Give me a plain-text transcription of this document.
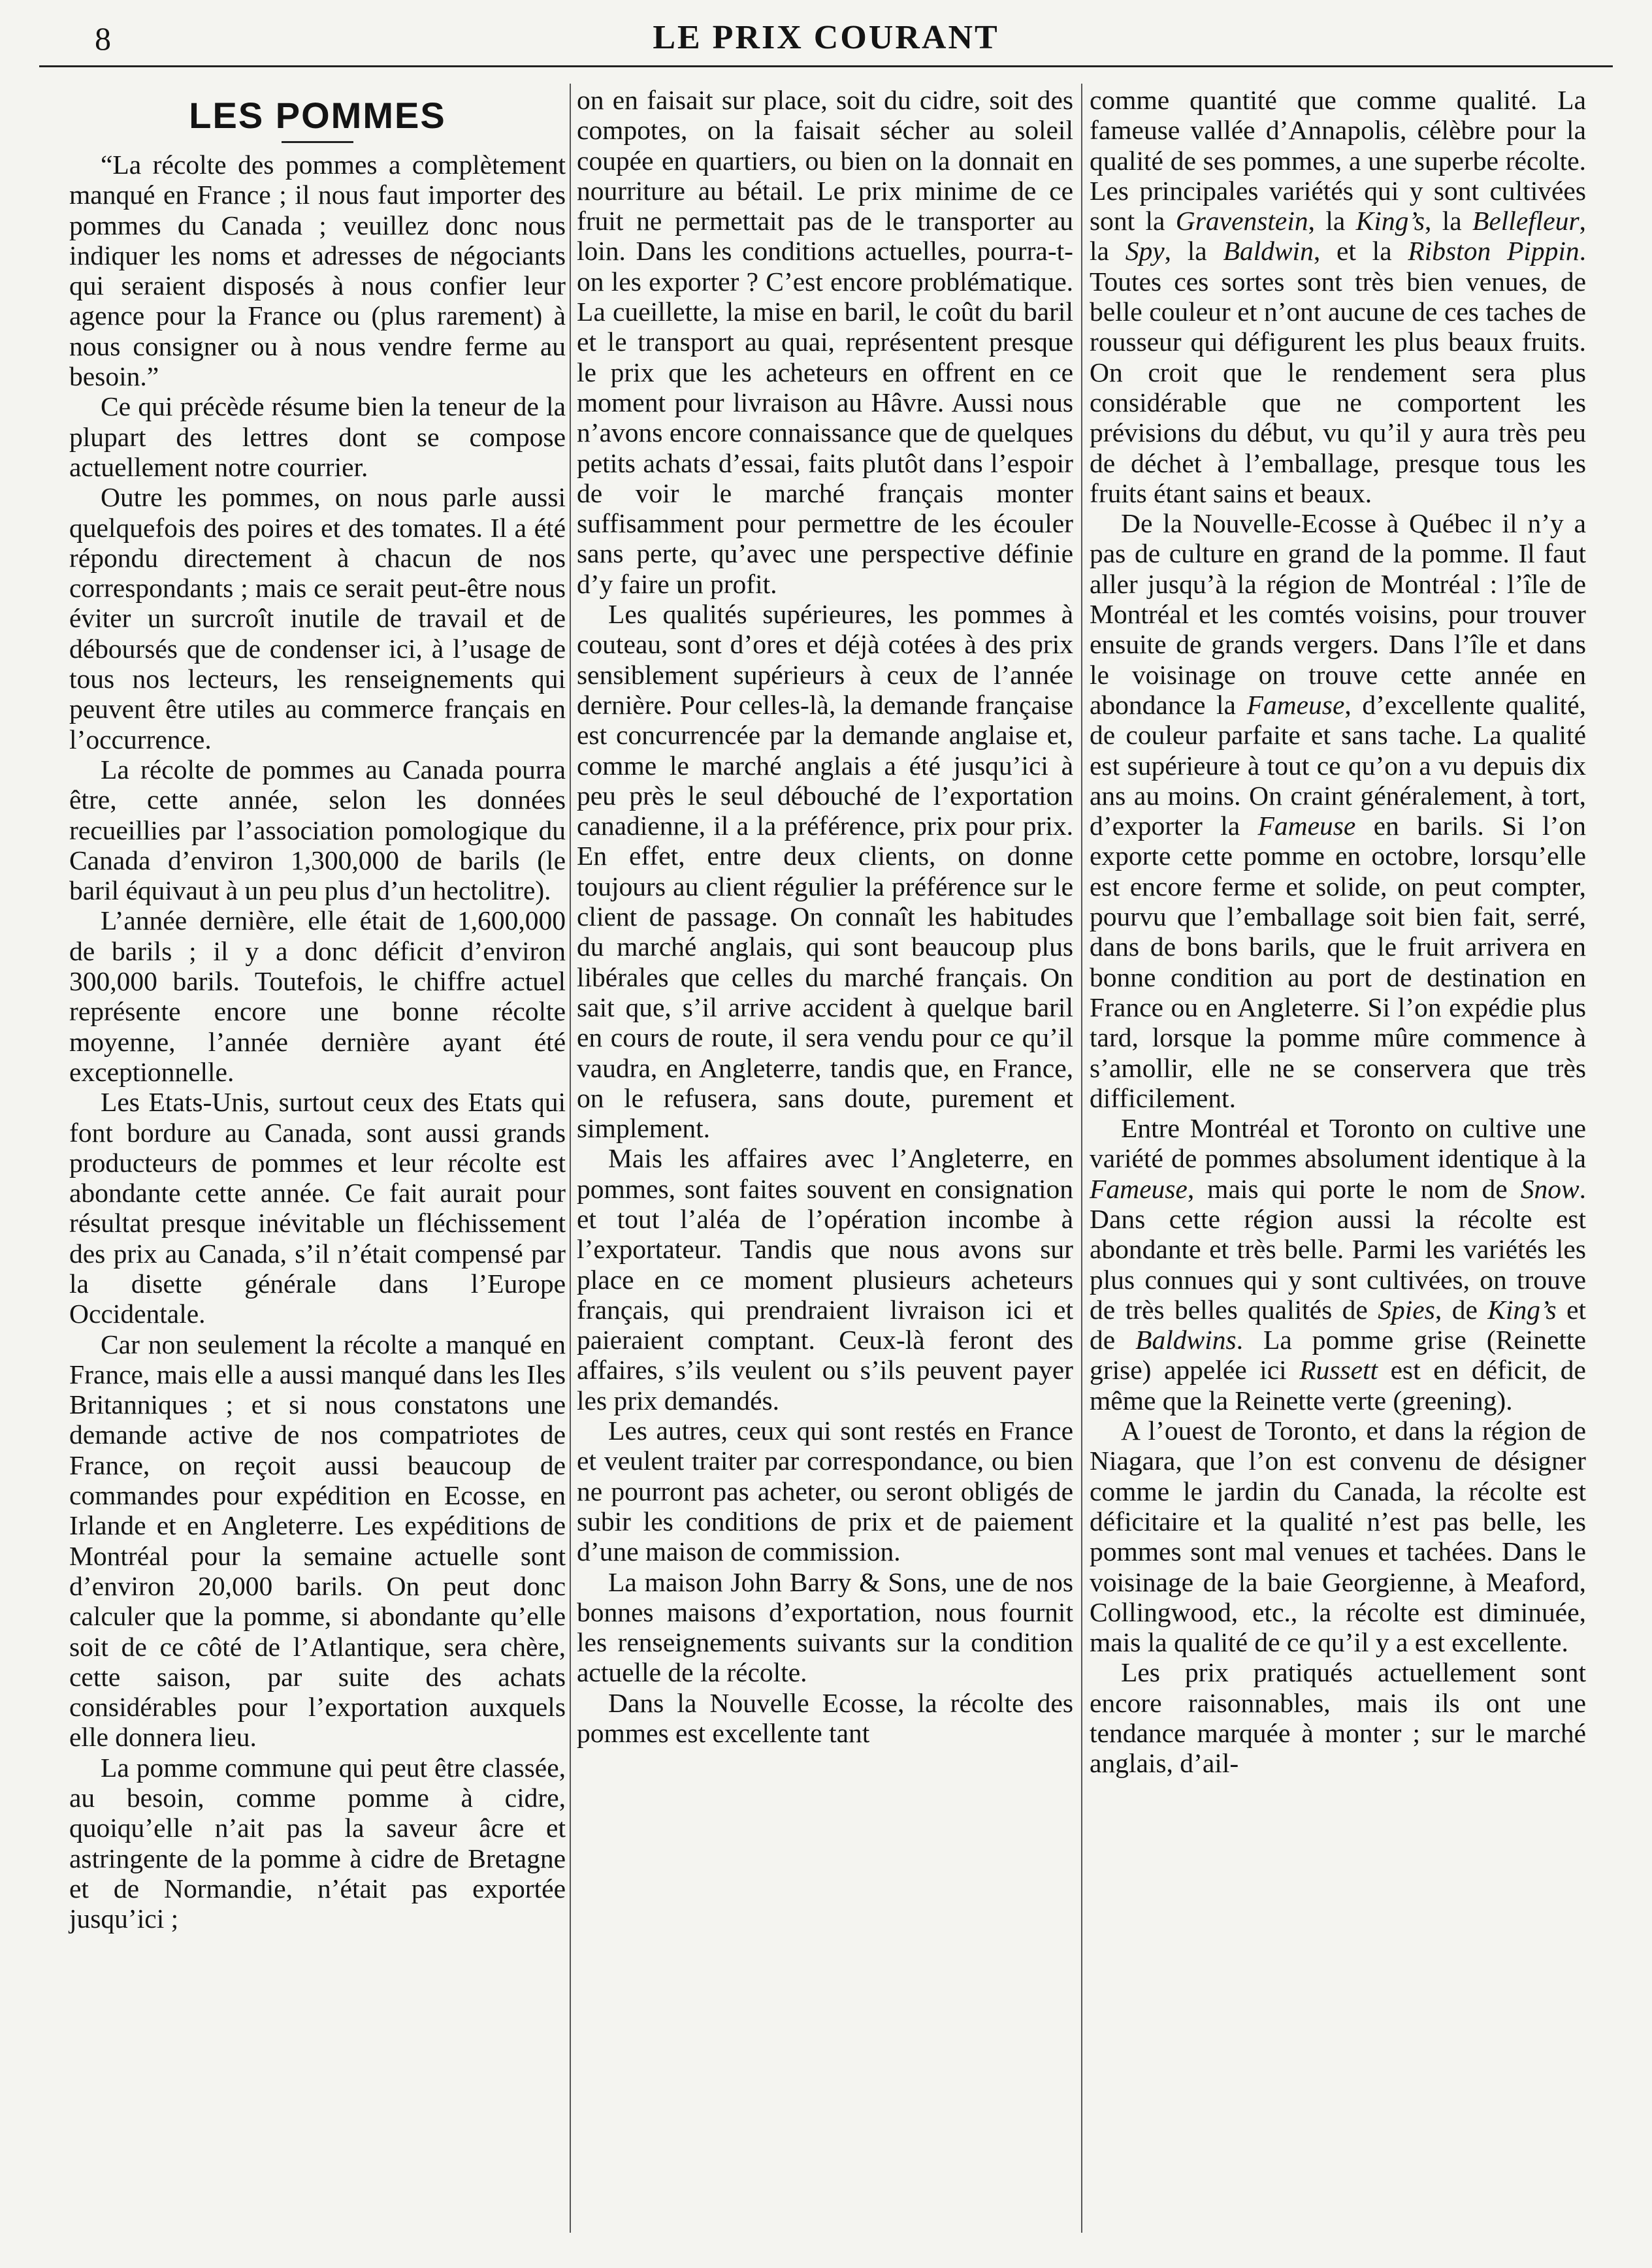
8	LE PRIX COURANT
LES POMMES

“La récolte des pommes a complètement manqué en France ; il nous faut importer des pommes du Canada ; veuillez donc nous indiquer les noms et adresses de négociants qui seraient disposés à nous confier leur agence pour la France ou (plus rarement) à nous consigner ou à nous vendre ferme au besoin.”

Ce qui précède résume bien la teneur de la plupart des lettres dont se compose actuellement notre courrier.

Outre les pommes, on nous parle aussi quelquefois des poires et des tomates. Il a été répondu directement à chacun de nos correspondants ; mais ce serait peut-être nous éviter un surcroît inutile de travail et de déboursés que de condenser ici, à l’usage de tous nos lecteurs, les renseignements qui peuvent être utiles au commerce français en l’occurrence.

La récolte de pommes au Canada pourra être, cette année, selon les données recueillies par l’association pomologique du Canada d’environ 1,300,000 de barils (le baril équivaut à un peu plus d’un hectolitre).

L’année dernière, elle était de 1,600,000 de barils ; il y a donc déficit d’environ 300,000 barils. Toutefois, le chiffre actuel représente encore une bonne récolte moyenne, l’année dernière ayant été exceptionnelle.

Les Etats-Unis, surtout ceux des Etats qui font bordure au Canada, sont aussi grands producteurs de pommes et leur récolte est abondante cette année. Ce fait aurait pour résultat presque inévitable un fléchissement des prix au Canada, s’il n’était compensé par la disette générale dans l’Europe Occidentale.

Car non seulement la récolte a manqué en France, mais elle a aussi manqué dans les Iles Britanniques ; et si nous constatons une demande active de nos compatriotes de France, on reçoit aussi beaucoup de commandes pour expédition en Ecosse, en Irlande et en Angleterre. Les expéditions de Montréal pour la semaine actuelle sont d’environ 20,000 barils. On peut donc calculer que la pomme, si abondante qu’elle soit de ce côté de l’Atlantique, sera chère, cette saison, par suite des achats considérables pour l’exportation auxquels elle donnera lieu.

La pomme commune qui peut être classée, au besoin, comme pomme à cidre, quoiqu’elle n’ait pas la saveur âcre et astringente de la pomme à cidre de Bretagne et de Normandie, n’était pas exportée jusqu’ici ;

on en faisait sur place, soit du cidre, soit des compotes, on la faisait sécher au soleil coupée en quartiers, ou bien on la donnait en nourriture au bétail. Le prix minime de ce fruit ne permettait pas de le transporter au loin. Dans les conditions actuelles, pourra-t-on les exporter ? C’est encore problématique. La cueillette, la mise en baril, le coût du baril et le transport au quai, représentent presque le prix que les acheteurs en offrent en ce moment pour livraison au Hâvre. Aussi nous n’avons encore connaissance que de quelques petits achats d’essai, faits plutôt dans l’espoir de voir le marché français monter suffisamment pour permettre de les écouler sans perte, qu’avec une perspective définie d’y faire un profit.

Les qualités supérieures, les pommes à couteau, sont d’ores et déjà cotées à des prix sensiblement supérieurs à ceux de l’année dernière. Pour celles-là, la demande française est concurrencée par la demande anglaise et, comme le marché anglais a été jusqu’ici à peu près le seul débouché de l’exportation canadienne, il a la préférence, prix pour prix. En effet, entre deux clients, on donne toujours au client régulier la préférence sur le client de passage. On connaît les habitudes du marché anglais, qui sont beaucoup plus libérales que celles du marché français. On sait que, s’il arrive accident à quelque baril en cours de route, il sera vendu pour ce qu’il vaudra, en Angleterre, tandis que, en France, on le refusera, sans doute, purement et simplement.

Mais les affaires avec l’Angleterre, en pommes, sont faites souvent en consignation et tout l’aléa de l’opération incombe à l’exportateur. Tandis que nous avons sur place en ce moment plusieurs acheteurs français, qui prendraient livraison ici et paieraient comptant. Ceux-là feront des affaires, s’ils veulent ou s’ils peuvent payer les prix demandés.

Les autres, ceux qui sont restés en France et veulent traiter par correspondance, ou bien ne pourront pas acheter, ou seront obligés de subir les conditions de prix et de paiement d’une maison de commission.

La maison John Barry & Sons, une de nos bonnes maisons d’exportation, nous fournit les renseignements suivants sur la condition actuelle de la récolte.

Dans la Nouvelle Ecosse, la récolte des pommes est excellente tant

comme quantité que comme qualité. La fameuse vallée d’Annapolis, célèbre pour la qualité de ses pommes, a une superbe récolte. Les principales variétés qui y sont cultivées sont la Gravenstein, la King’s, la Bellefleur, la Spy, la Baldwin, et la Ribston Pippin. Toutes ces sortes sont très bien venues, de belle couleur et n’ont aucune de ces taches de rousseur qui défigurent les plus beaux fruits. On croit que le rendement sera plus considérable que ne comportent les prévisions du début, vu qu’il y aura très peu de déchet à l’emballage, presque tous les fruits étant sains et beaux.

De la Nouvelle-Ecosse à Québec il n’y a pas de culture en grand de la pomme. Il faut aller jusqu’à la région de Montréal : l’île de Montréal et les comtés voisins, pour trouver ensuite de grands vergers. Dans l’île et dans le voisinage on trouve cette année en abondance la Fameuse, d’excellente qualité, de couleur parfaite et sans tache. La qualité est supérieure à tout ce qu’on a vu depuis dix ans au moins. On craint généralement, à tort, d’exporter la Fameuse en barils. Si l’on exporte cette pomme en octobre, lorsqu’elle est encore ferme et solide, on peut compter, pourvu que l’emballage soit bien fait, serré, dans de bons barils, que le fruit arrivera en bonne condition au port de destination en France ou en Angleterre. Si l’on expédie plus tard, lorsque la pomme mûre commence à s’amollir, elle ne se conservera que très difficilement.

Entre Montréal et Toronto on cultive une variété de pommes absolument identique à la Fameuse, mais qui porte le nom de Snow. Dans cette région aussi la récolte est abondante et très belle. Parmi les variétés les plus connues qui y sont cultivées, on trouve de très belles qualités de Spies, de King’s et de Baldwins. La pomme grise (Reinette grise) appelée ici Russett est en déficit, de même que la Reinette verte (greening).

A l’ouest de Toronto, et dans la région de Niagara, que l’on est convenu de désigner comme le jardin du Canada, la récolte est déficitaire et la qualité n’est pas belle, les pommes sont mal venues et tachées. Dans le voisinage de la baie Georgienne, à Meaford, Collingwood, etc., la récolte est diminuée, mais la qualité de ce qu’il y a est excellente.

Les prix pratiqués actuellement sont encore raisonnables, mais ils ont une tendance marquée à monter ; sur le marché anglais, d’ail-
